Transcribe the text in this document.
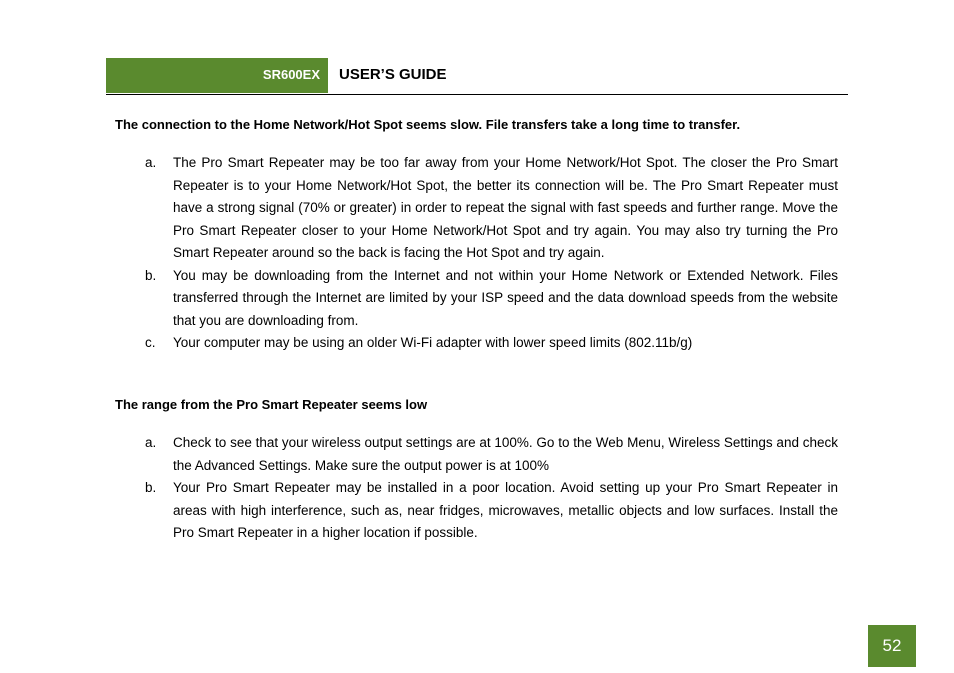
SR600EX USER’S GUIDE
The connection to the Home Network/Hot Spot seems slow. File transfers take a long time to transfer.
a. The Pro Smart Repeater may be too far away from your Home Network/Hot Spot. The closer the Pro Smart Repeater is to your Home Network/Hot Spot, the better its connection will be. The Pro Smart Repeater must have a strong signal (70% or greater) in order to repeat the signal with fast speeds and further range. Move the Pro Smart Repeater closer to your Home Network/Hot Spot and try again. You may also try turning the Pro Smart Repeater around so the back is facing the Hot Spot and try again.

b. You may be downloading from the Internet and not within your Home Network or Extended Network. Files transferred through the Internet are limited by your ISP speed and the data download speeds from the website that you are downloading from.

c. Your computer may be using an older Wi-Fi adapter with lower speed limits (802.11b/g)

The range from the Pro Smart Repeater seems low
a. Check to see that your wireless output settings are at 100%. Go to the Web Menu, Wireless Settings and check the Advanced Settings. Make sure the output power is at 100%

b. Your Pro Smart Repeater may be installed in a poor location. Avoid setting up your Pro Smart Repeater in areas with high interference, such as, near fridges, microwaves, metallic objects and low surfaces. Install the Pro Smart Repeater in a higher location if possible.

52
